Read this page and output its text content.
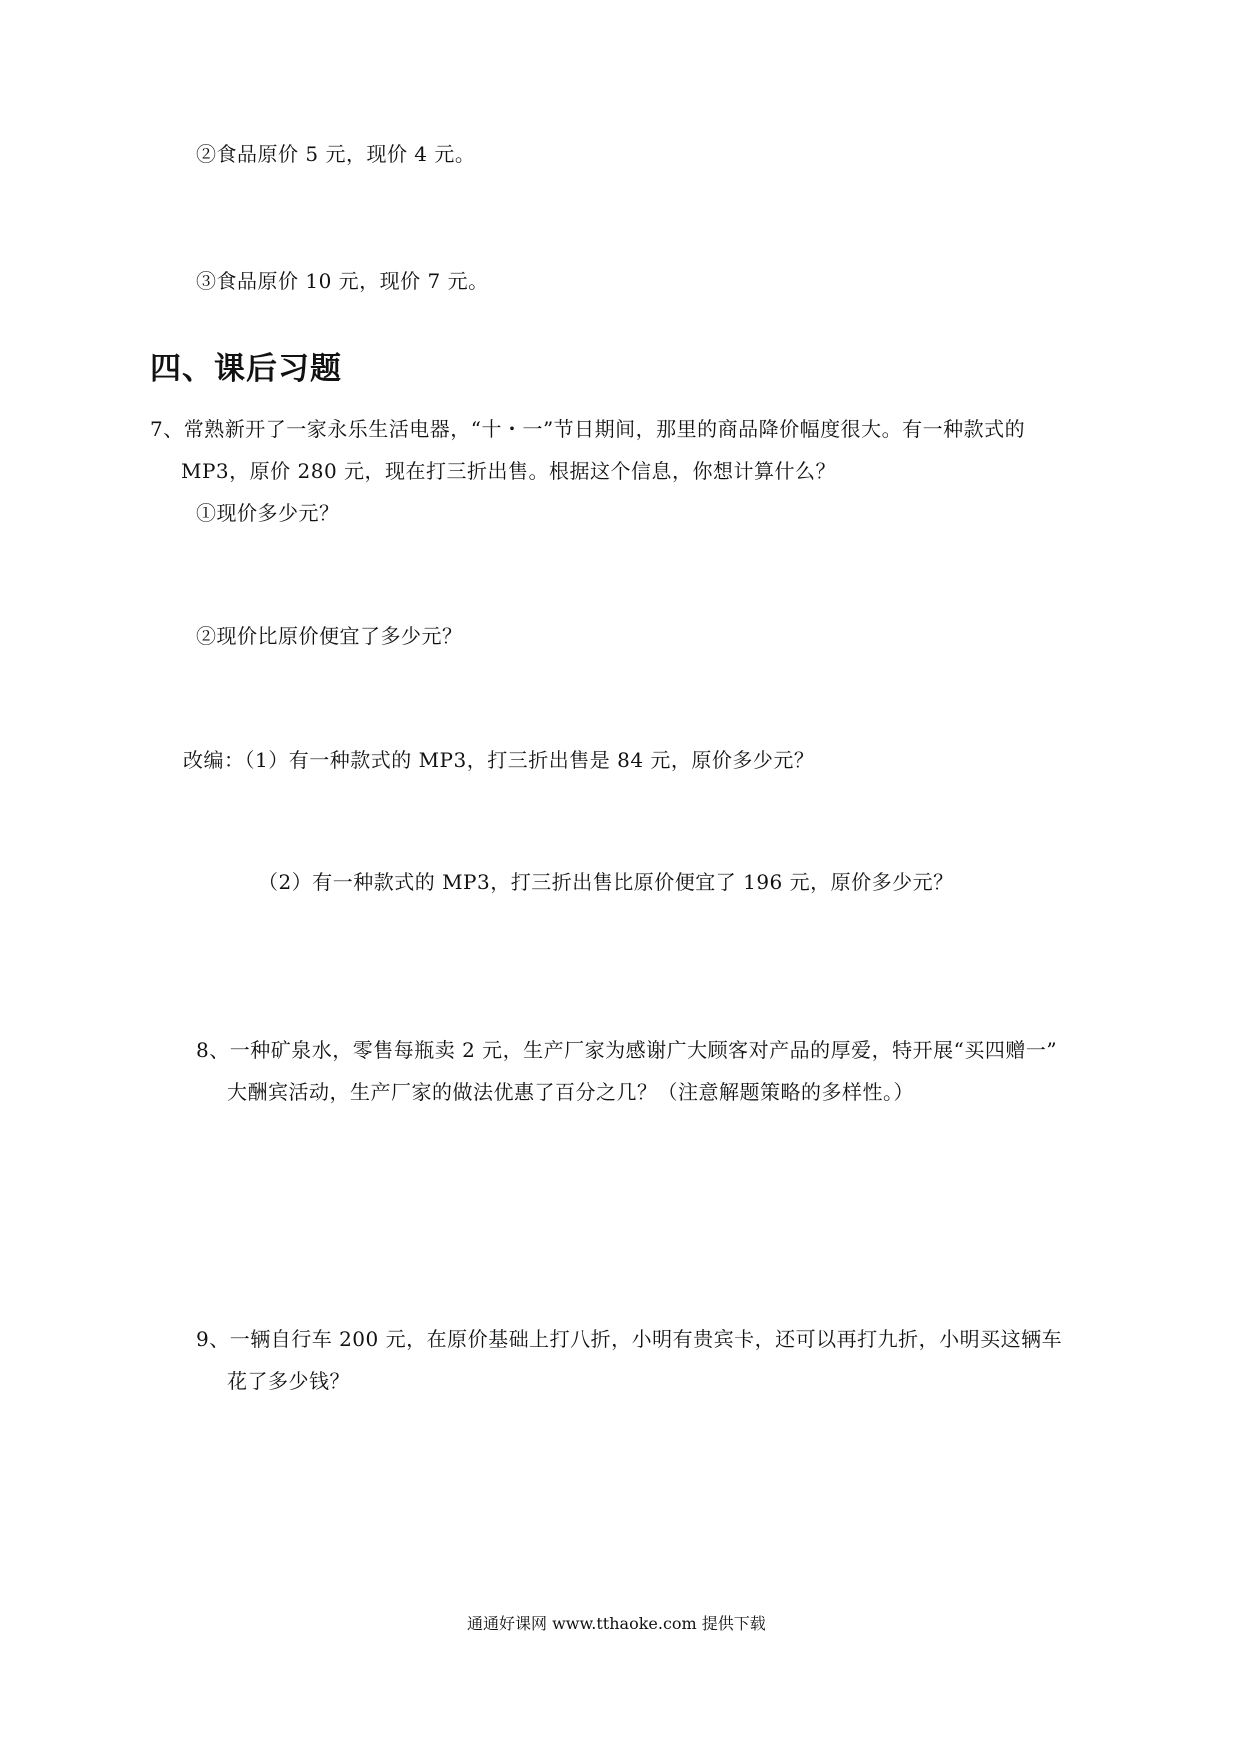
②食品原价 5 元，现价 4 元。
③食品原价 10 元，现价 7 元。
四、课后习题
7、常熟新开了一家永乐生活电器，“十・一”节日期间，那里的商品降价幅度很大。有一种款式的
MP3，原价 280 元，现在打三折出售。根据这个信息，你想计算什么？
①现价多少元？
②现价比原价便宜了多少元？
改编：（1）有一种款式的 MP3，打三折出售是 84 元，原价多少元？
（2）有一种款式的 MP3，打三折出售比原价便宜了 196 元，原价多少元？
8、一种矿泉水，零售每瓶卖 2 元，生产厂家为感谢广大顾客对产品的厚爱，特开展“买四赠一”
大酬宾活动，生产厂家的做法优惠了百分之几？（注意解题策略的多样性。）
9、一辆自行车 200 元，在原价基础上打八折，小明有贵宾卡，还可以再打九折，小明买这辆车
花了多少钱？
通通好课网 www.tthaoke.com 提供下载
